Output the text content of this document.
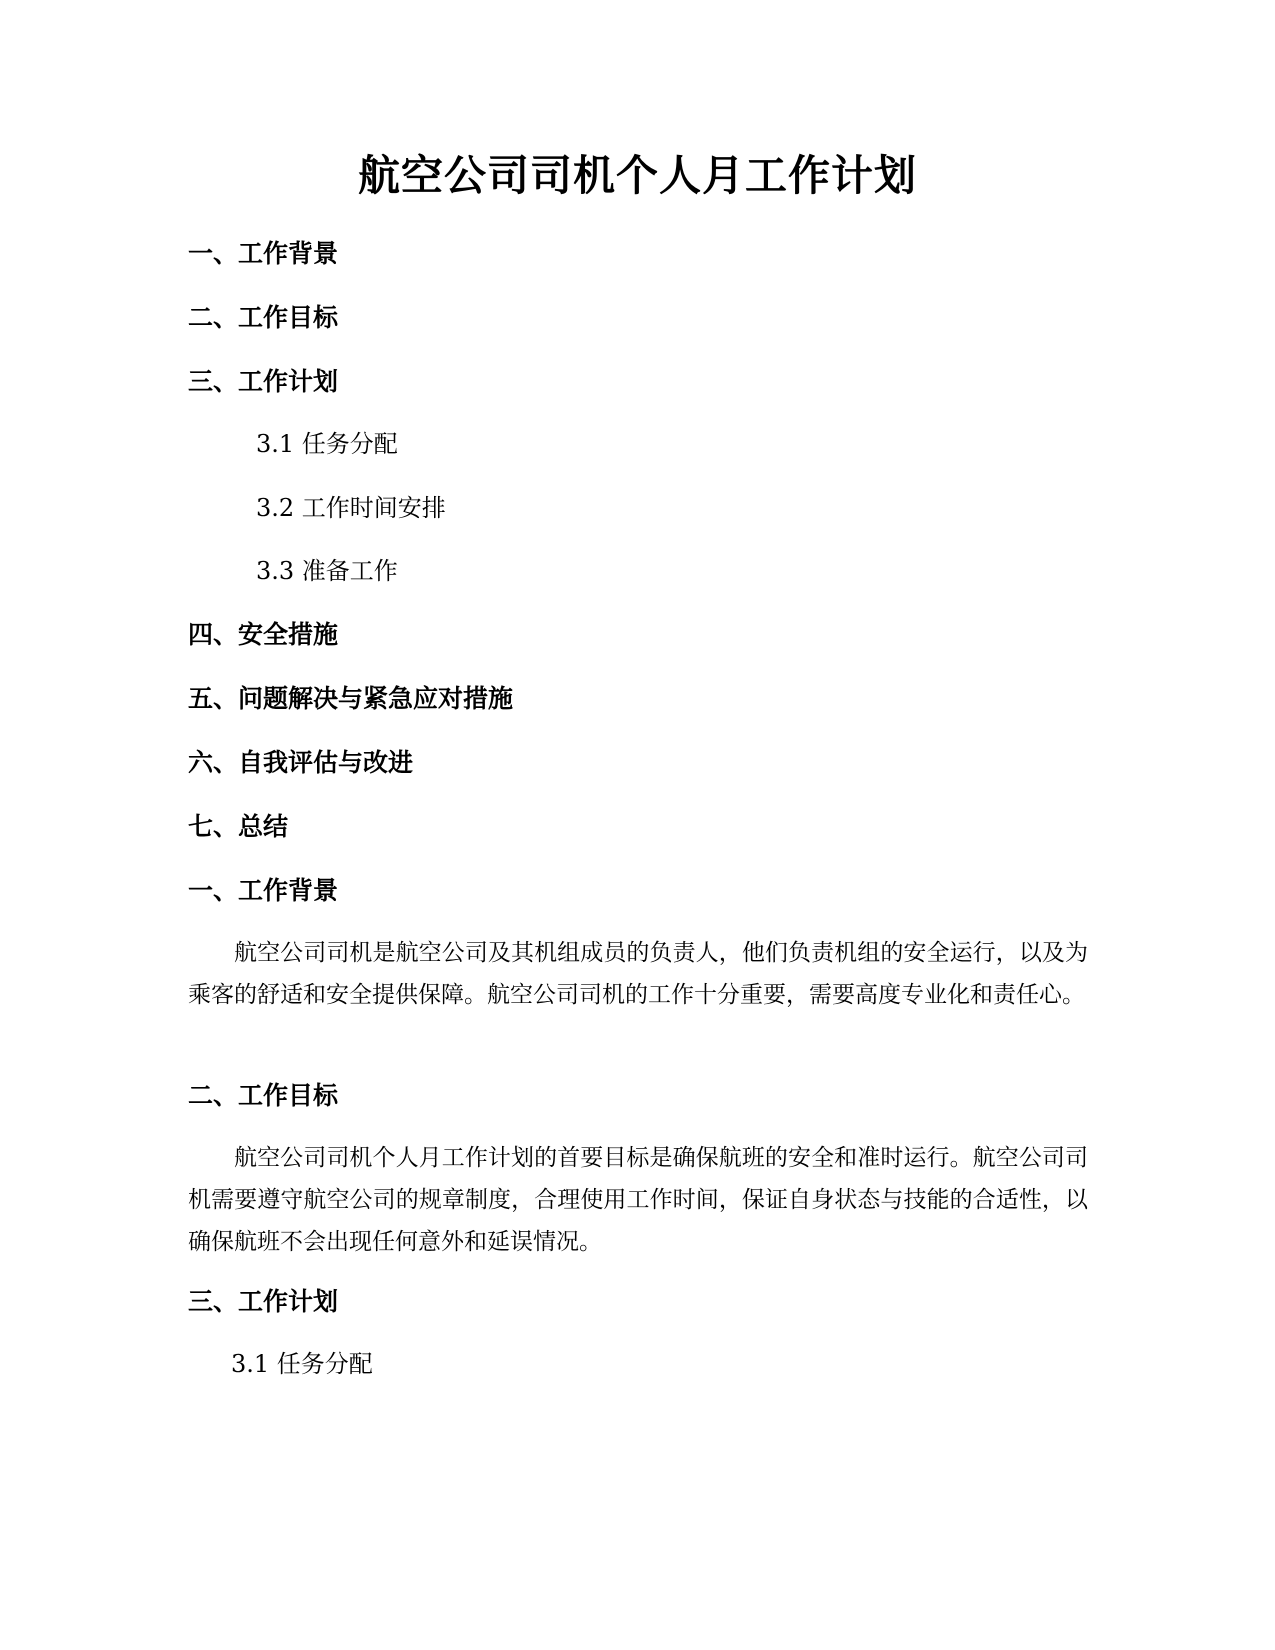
航空公司司机个人月工作计划

一、工作背景

二、工作目标

三、工作计划

3.1 任务分配

3.2 工作时间安排

3.3 准备工作

四、安全措施

五、问题解决与紧急应对措施

六、自我评估与改进

七、总结

一、工作背景

航空公司司机是航空公司及其机组成员的负责人，他们负责机组的安全运行，以及为乘客的舒适和安全提供保障。航空公司司机的工作十分重要，需要高度专业化和责任心。

二、工作目标

航空公司司机个人月工作计划的首要目标是确保航班的安全和准时运行。航空公司司机需要遵守航空公司的规章制度，合理使用工作时间，保证自身状态与技能的合适性，以确保航班不会出现任何意外和延误情况。

三、工作计划

3.1 任务分配
